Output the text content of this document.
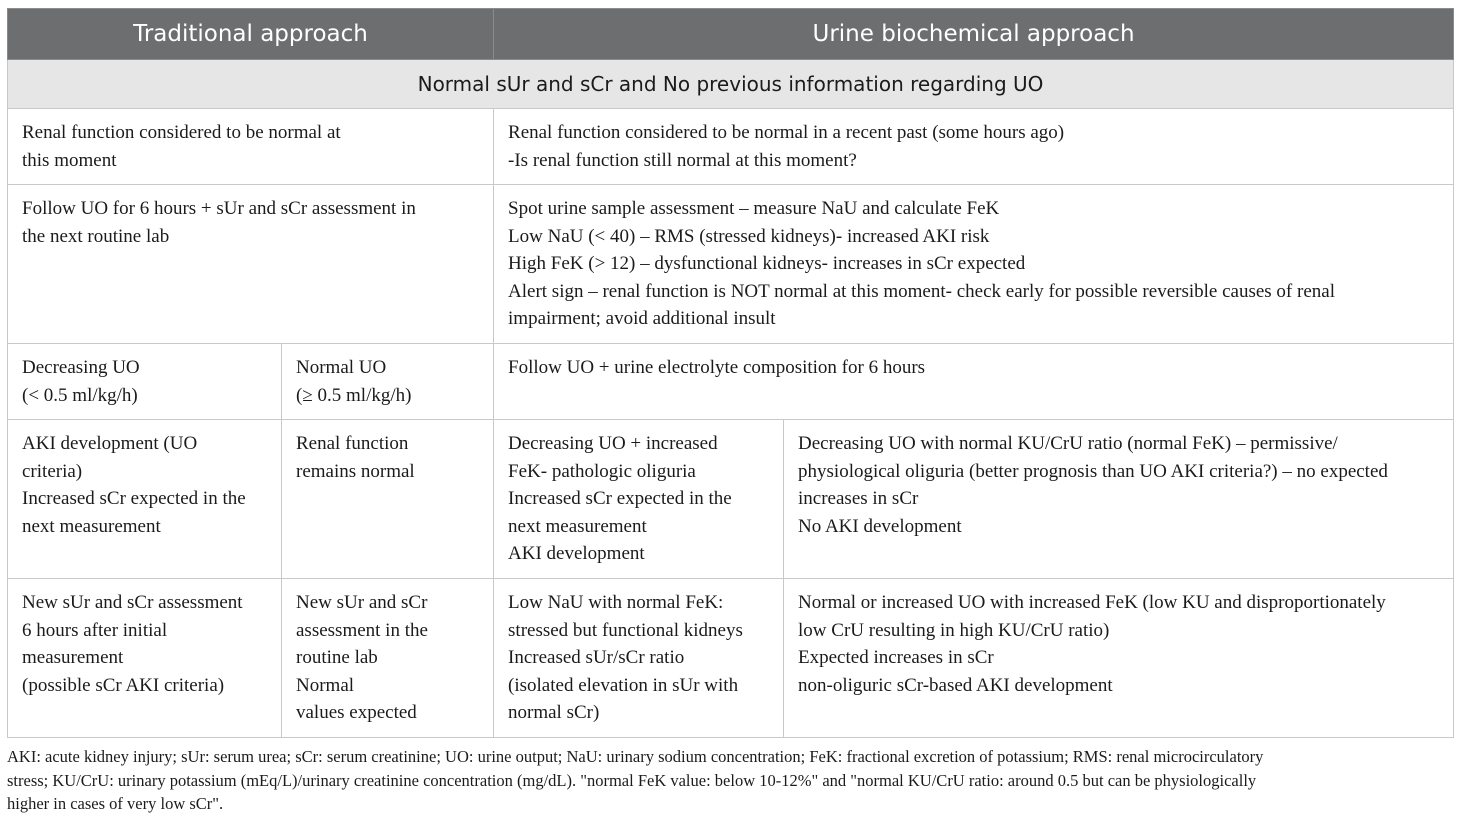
Traditional approach		Urine biochemical approach	
Normal sUr and sCr and No previous information regarding UO			

Renal function considered to be normal at
this moment		Renal function considered to be normal in a recent past (some hours ago)
-Is renal function still normal at this moment?	

Follow UO for 6 hours + sUr and sCr assessment in
the next routine lab		Spot urine sample assessment – measure NaU and calculate FeK
Low NaU (< 40) – RMS (stressed kidneys)- increased AKI risk
High FeK (> 12) – dysfunctional kidneys- increases in sCr expected
Alert sign – renal function is NOT normal at this moment- check early for possible reversible causes of renal
impairment; avoid additional insult	

Decreasing UO
(< 0.5 ml/kg/h)	Normal UO
(≥ 0.5 ml/kg/h)	Follow UO + urine electrolyte composition for 6 hours	

AKI development (UO
criteria)
Increased sCr expected in the
next measurement	Renal function
remains normal	Decreasing UO + increased
FeK- pathologic oliguria
Increased sCr expected in the
next measurement
AKI development	Decreasing UO with normal KU/CrU ratio (normal FeK) – permissive/
physiological oliguria (better prognosis than UO AKI criteria?) – no expected
increases in sCr
No AKI development

New sUr and sCr assessment
6 hours after initial
measurement
(possible sCr AKI criteria)	New sUr and sCr
assessment in the
routine lab
Normal
values expected	Low NaU with normal FeK:
stressed but functional kidneys
Increased sUr/sCr ratio
(isolated elevation in sUr with
normal sCr)	Normal or increased UO with increased FeK (low KU and disproportionately
low CrU resulting in high KU/CrU ratio)
Expected increases in sCr
non-oliguric sCr-based AKI development
AKI: acute kidney injury; sUr: serum urea; sCr: serum creatinine; UO: urine output; NaU: urinary sodium concentration; FeK: fractional excretion of potassium; RMS: renal microcirculatory
stress; KU/CrU: urinary potassium (mEq/L)/urinary creatinine concentration (mg/dL). "normal FeK value: below 10-12%" and "normal KU/CrU ratio: around 0.5 but can be physiologically
higher in cases of very low sCr".
